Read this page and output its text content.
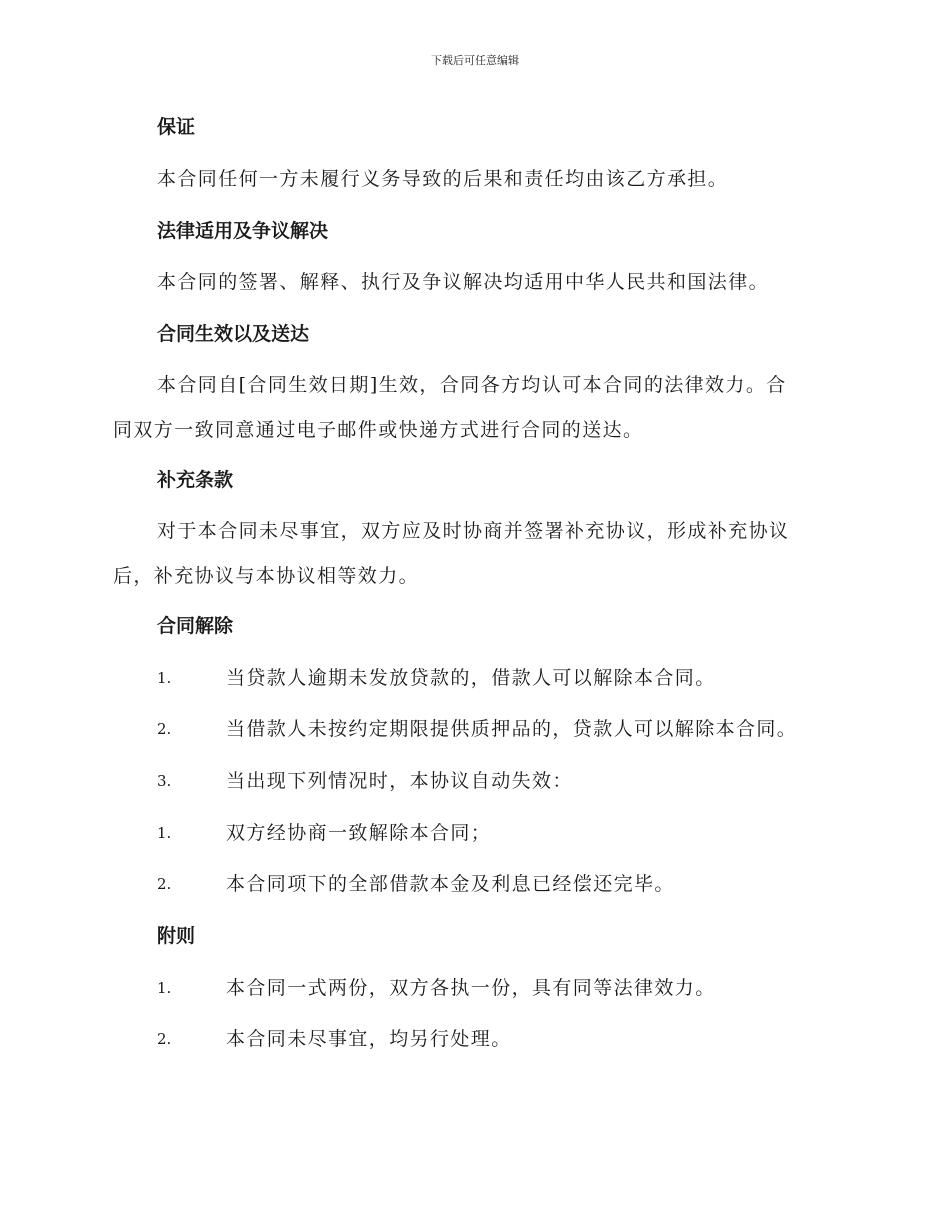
下载后可任意编辑
保证
本合同任何一方未履行义务导致的后果和责任均由该乙方承担。
法律适用及争议解决
本合同的签署、解释、执行及争议解决均适用中华人民共和国法律。
合同生效以及送达
本合同自[合同生效日期]生效，合同各方均认可本合同的法律效力。合
同双方一致同意通过电子邮件或快递方式进行合同的送达。
补充条款
对于本合同未尽事宜，双方应及时协商并签署补充协议，形成补充协议
后，补充协议与本协议相等效力。
合同解除
1.	当贷款人逾期未发放贷款的，借款人可以解除本合同。
2.	当借款人未按约定期限提供质押品的，贷款人可以解除本合同。
3.	当出现下列情况时，本协议自动失效：
1.	双方经协商一致解除本合同；
2.	本合同项下的全部借款本金及利息已经偿还完毕。
附则
1.	本合同一式两份，双方各执一份，具有同等法律效力。
2.	本合同未尽事宜，均另行处理。
